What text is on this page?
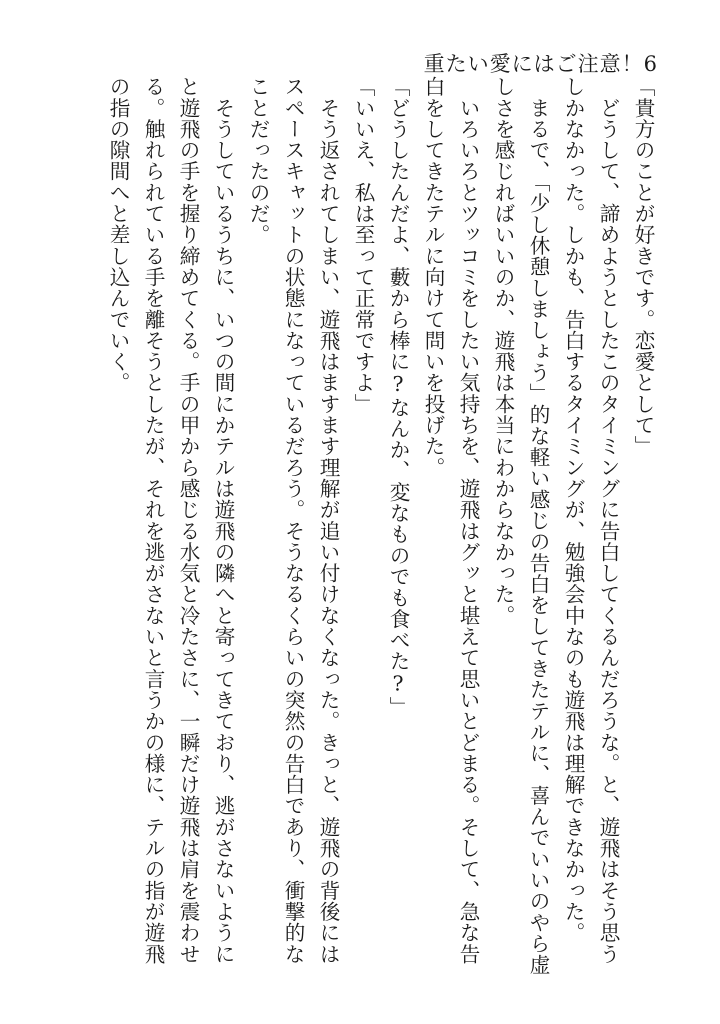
重たい愛にはご注意！6

「貴方のことが好きです。恋愛として」

　どうして、諦めようとしたこのタイミングに告白してくるんだろうな。と、遊飛はそう思うしかなかった。しかも、告白するタイミングが、勉強会中なのも遊飛は理解できなかった。

　まるで、「少し休憩しましょう」的な軽い感じの告白をしてきたテルに、喜んでいいのやら虚しさを感じればいいのか、遊飛は本当にわからなかった。

　いろいろとツッコミをしたい気持ちを、遊飛はグッと堪えて思いとどまる。そして、急な告白をしてきたテルに向けて問いを投げた。

「どうしたんだよ、藪から棒に?なんか、変なものでも食べた?」

「いいえ、私は至って正常ですよ」

　そう返されてしまい、遊飛はますます理解が追い付けなくなった。きっと、遊飛の背後にはスペースキャットの状態になっているだろう。そうなるくらいの突然の告白であり、衝撃的なことだったのだ。

　そうしているうちに、いつの間にかテルは遊飛の隣へと寄ってきており、逃がさないようにと遊飛の手を握り締めてくる。手の甲から感じる水気と冷たさに、一瞬だけ遊飛は肩を震わせる。触れられている手を離そうとしたが、それを逃がさないと言うかの様に、テルの指が遊飛の指の隙間へと差し込んでいく。
